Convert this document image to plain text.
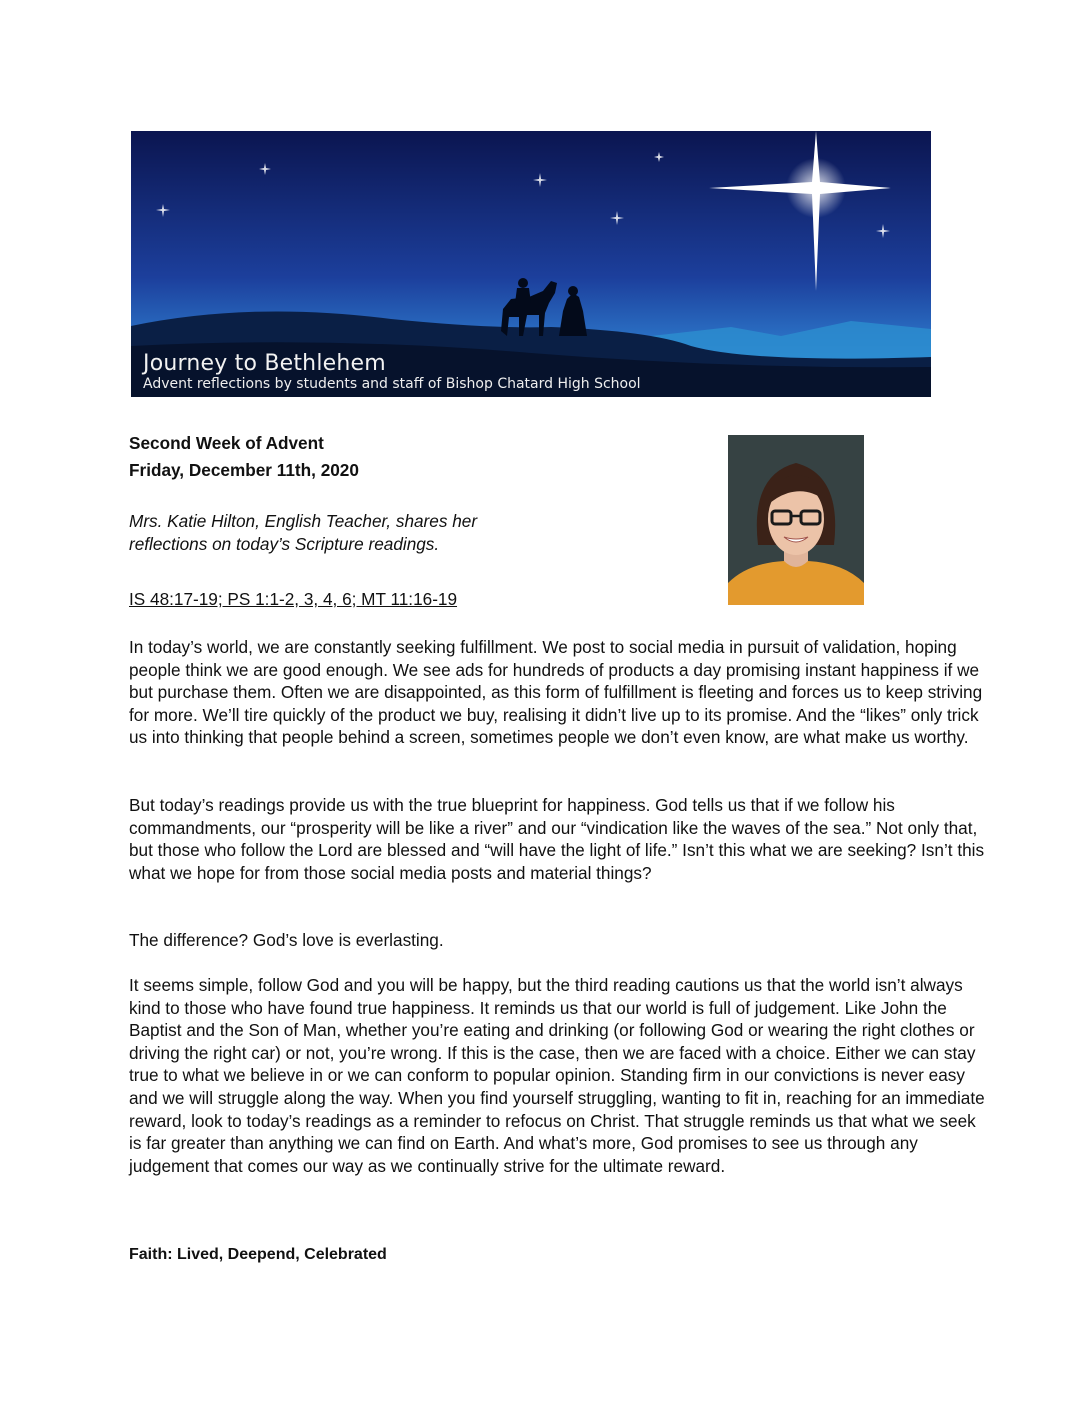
Journey to Bethlehem
Advent reflections by students and staff of Bishop Chatard High School
Second Week of Advent
Friday, December 11th, 2020
Mrs. Katie Hilton, English Teacher, shares her
reflections on today’s Scripture readings.
IS 48:17-19; PS 1:1-2, 3, 4, 6; MT 11:16-19
In today’s world, we are constantly seeking fulfillment. We post to social media in pursuit of validation, hoping people think we are good enough. We see ads for hundreds of products a day promising instant happiness if we but purchase them. Often we are disappointed, as this form of fulfillment is fleeting and forces us to keep striving for more. We’ll tire quickly of the product we buy, realising it didn’t live up to its promise. And the “likes” only trick us into thinking that people behind a screen, sometimes people we don’t even know, are what make us worthy.
But today’s readings provide us with the true blueprint for happiness. God tells us that if we follow his commandments, our “prosperity will be like a river” and our “vindication like the waves of the sea.” Not only that, but those who follow the Lord are blessed and “will have the light of life.” Isn’t this what we are seeking? Isn’t this what we hope for from those social media posts and material things?
The difference? God’s love is everlasting.
It seems simple, follow God and you will be happy, but the third reading cautions us that the world isn’t always kind to those who have found true happiness. It reminds us that our world is full of judgement. Like John the Baptist and the Son of Man, whether you’re eating and drinking (or following God or wearing the right clothes or driving the right car) or not, you’re wrong. If this is the case, then we are faced with a choice. Either we can stay true to what we believe in or we can conform to popular opinion. Standing firm in our convictions is never easy and we will struggle along the way. When you find yourself struggling, wanting to fit in, reaching for an immediate reward, look to today’s readings as a reminder to refocus on Christ. That struggle reminds us that what we seek is far greater than anything we can find on Earth. And what’s more, God promises to see us through any judgement that comes our way as we continually strive for the ultimate reward.
Faith: Lived, Deepend, Celebrated
